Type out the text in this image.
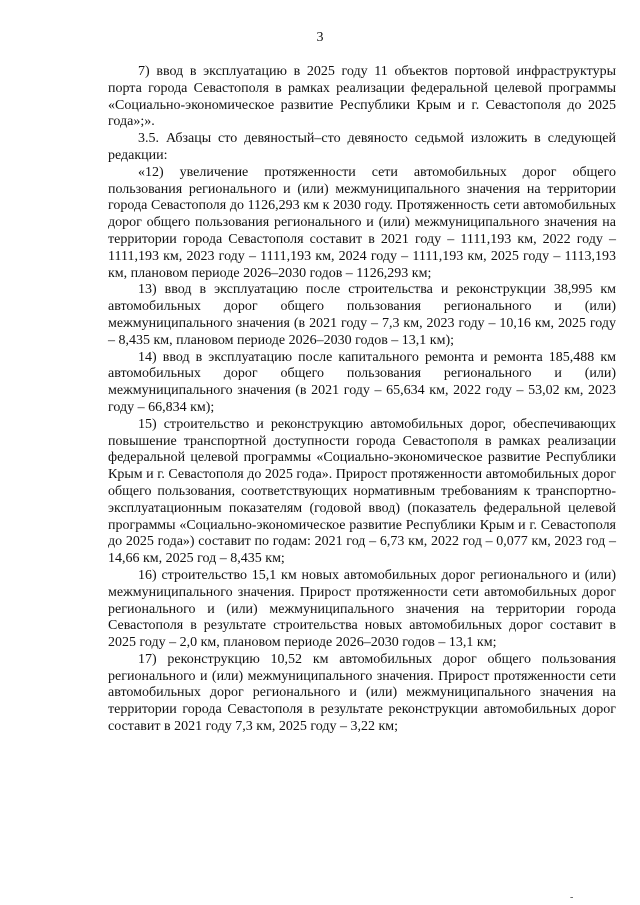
3

7) ввод в эксплуатацию в 2025 году 11 объектов портовой инфраструктуры порта города Севастополя в рамках реализации федеральной целевой программы «Социально-экономическое развитие Республики Крым и г. Севастополя до 2025 года»;».

3.5. Абзацы сто девяностый–сто девяносто седьмой изложить в следующей редакции:

«12) увеличение протяженности сети автомобильных дорог общего пользования регионального и (или) межмуниципального значения на территории города Севастополя до 1126,293 км к 2030 году. Протяженность сети автомобильных дорог общего пользования регионального и (или) межмуниципального значения на территории города Севастополя составит в 2021 году – 1111,193 км, 2022 году – 1111,193 км, 2023 году – 1111,193 км, 2024 году – 1111,193 км, 2025 году – 1113,193 км, плановом периоде 2026–2030 годов – 1126,293 км;

13) ввод в эксплуатацию после строительства и реконструкции 38,995 км автомобильных дорог общего пользования регионального и (или) межмуниципального значения (в 2021 году – 7,3 км, 2023 году – 10,16 км, 2025 году – 8,435 км, плановом периоде 2026–2030 годов – 13,1 км);

14) ввод в эксплуатацию после капитального ремонта и ремонта 185,488 км автомобильных дорог общего пользования регионального и (или) межмуниципального значения (в 2021 году – 65,634 км, 2022 году – 53,02 км, 2023 году – 66,834 км);

15) строительство и реконструкцию автомобильных дорог, обеспечивающих повышение транспортной доступности города Севастополя в рамках реализации федеральной целевой программы «Социально-экономическое развитие Республики Крым и г. Севастополя до 2025 года». Прирост протяженности автомобильных дорог общего пользования, соответствующих нормативным требованиям к транспортно-эксплуатационным показателям (годовой ввод) (показатель федеральной целевой программы «Социально-экономическое развитие Республики Крым и г. Севастополя до 2025 года») составит по годам: 2021 год – 6,73 км, 2022 год – 0,077 км, 2023 год – 14,66 км, 2025 год – 8,435 км;

16) строительство 15,1 км новых автомобильных дорог регионального и (или) межмуниципального значения. Прирост протяженности сети автомобильных дорог регионального и (или) межмуниципального значения на территории города Севастополя в результате строительства новых автомобильных дорог составит в 2025 году – 2,0 км, плановом периоде 2026–2030 годов – 13,1 км;

17) реконструкцию 10,52 км автомобильных дорог общего пользования регионального и (или) межмуниципального значения. Прирост протяженности сети автомобильных дорог регионального и (или) межмуниципального значения на территории города Севастополя в результате реконструкции автомобильных дорог составит в 2021 году 7,3 км, 2025 году – 3,22 км;

-
